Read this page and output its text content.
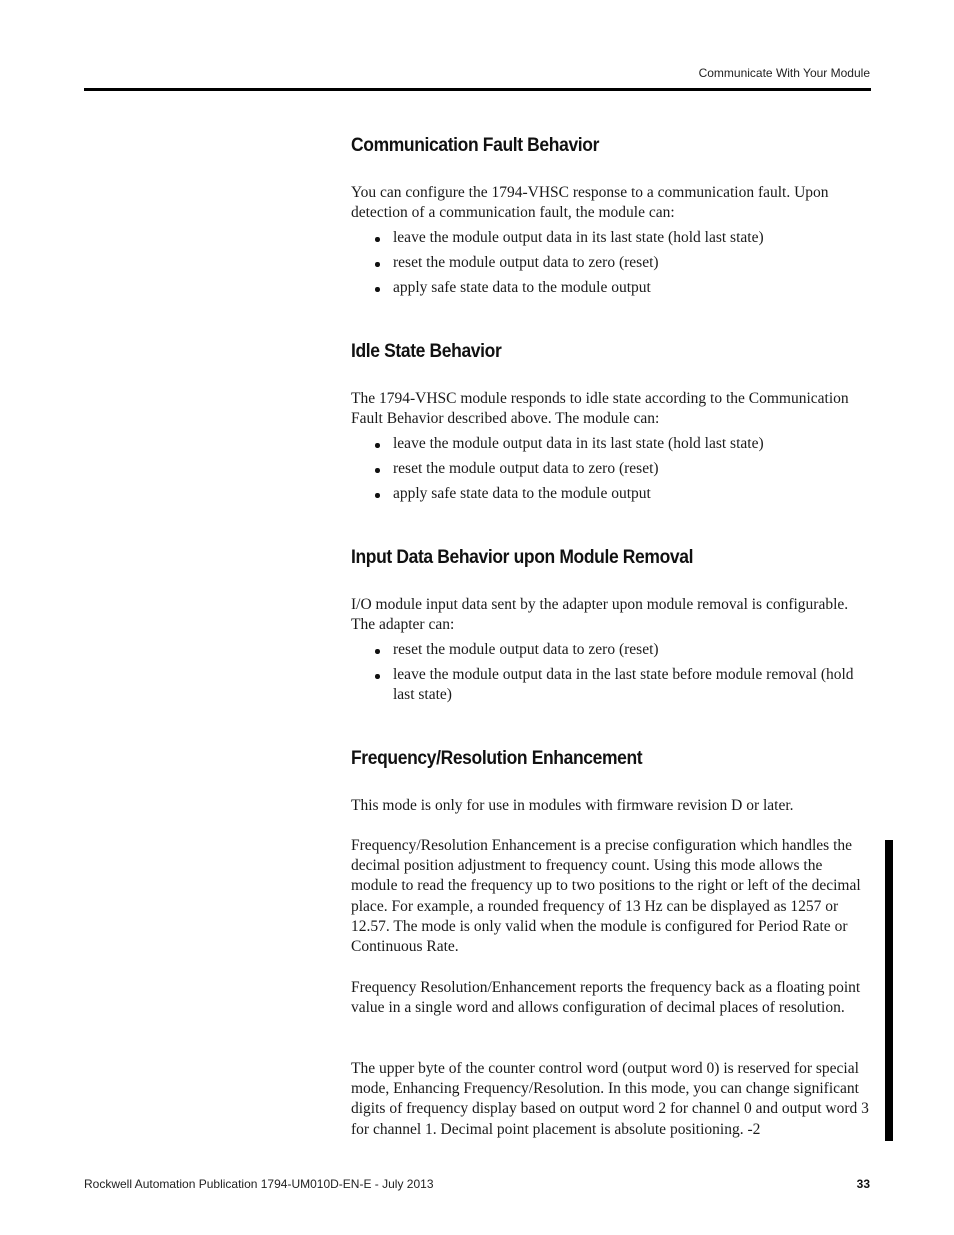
Communicate With Your Module
Communication Fault Behavior

You can configure the 1794-VHSC response to a communication fault. Upon detection of a communication fault, the module can:

leave the module output data in its last state (hold last state)
reset the module output data to zero (reset)
apply safe state data to the module output
Idle State Behavior

The 1794-VHSC module responds to idle state according to the Communication Fault Behavior described above. The module can:

leave the module output data in its last state (hold last state)
reset the module output data to zero (reset)
apply safe state data to the module output
Input Data Behavior upon Module Removal

I/O module input data sent by the adapter upon module removal is configurable. The adapter can:

reset the module output data to zero (reset)
leave the module output data in the last state before module removal (hold last state)
Frequency/Resolution Enhancement

This mode is only for use in modules with firmware revision D or later.

Frequency/Resolution Enhancement is a precise configuration which handles the decimal position adjustment to frequency count. Using this mode allows the module to read the frequency up to two positions to the right or left of the decimal place. For example, a rounded frequency of 13 Hz can be displayed as 1257 or 12.57. The mode is only valid when the module is configured for Period Rate or Continuous Rate.

Frequency Resolution/Enhancement reports the frequency back as a floating point value in a single word and allows configuration of decimal places of resolution.

The upper byte of the counter control word (output word 0) is reserved for special mode, Enhancing Frequency/Resolution. In this mode, you can change significant digits of frequency display based on output word 2 for channel 0 and output word 3 for channel 1. Decimal point placement is absolute positioning. -2

Rockwell Automation Publication 1794-UM010D-EN-E - July 2013	33
